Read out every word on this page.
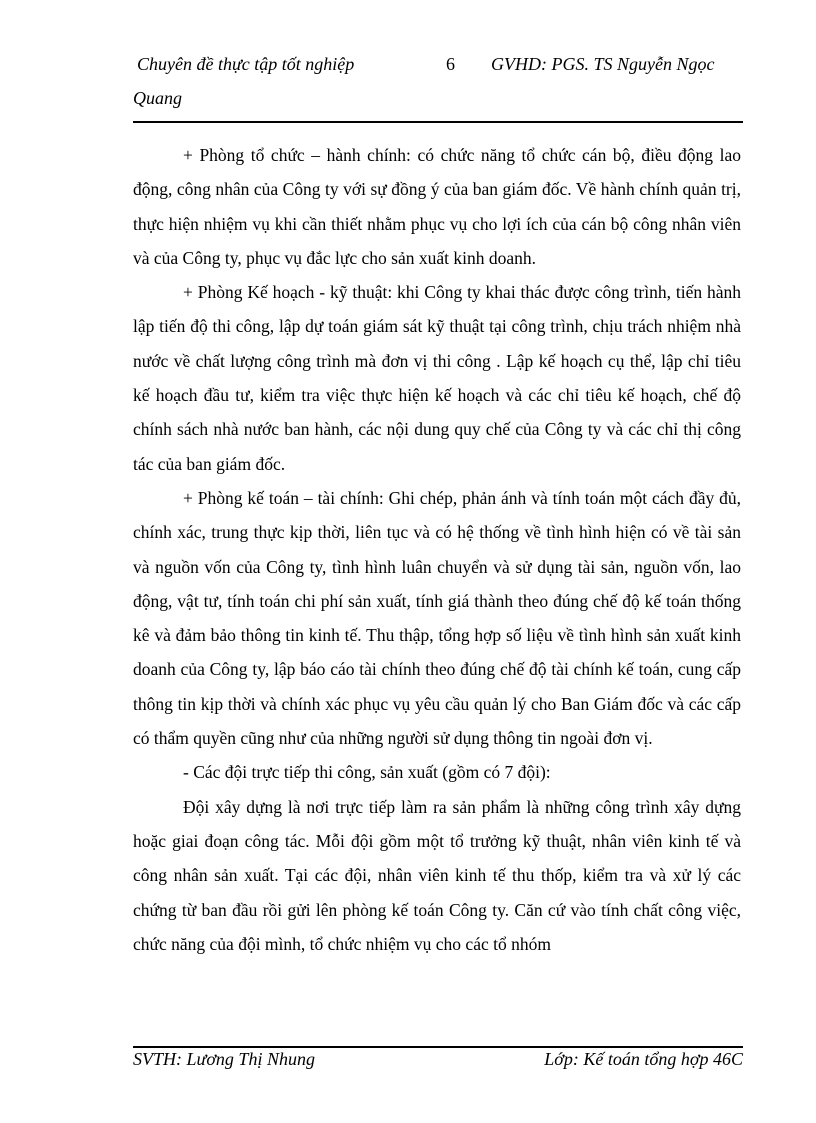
Chuyên đề thực tập tốt nghiệp	6 GVHD: PGS. TS Nguyễn Ngọc
Quang

+ Phòng tổ chức – hành chính: có chức năng tổ chức cán bộ, điều động lao động, công nhân của Công ty với sự đồng ý của ban giám đốc. Về hành chính quản trị, thực hiện nhiệm vụ khi cần thiết nhằm phục vụ cho lợi ích của cán bộ công nhân viên và của Công ty, phục vụ đắc lực cho sản xuất kinh doanh.

+ Phòng Kế hoạch - kỹ thuật: khi Công ty khai thác được công trình, tiến hành lập tiến độ thi công, lập dự toán giám sát kỹ thuật tại công trình, chịu trách nhiệm nhà nước về chất lượng công trình mà đơn vị thi công . Lập kế hoạch cụ thể, lập chỉ tiêu kế hoạch đầu tư, kiểm tra việc thực hiện kế hoạch và các chỉ tiêu kế hoạch, chế độ chính sách nhà nước ban hành, các nội dung quy chế của Công ty và các chỉ thị công tác của ban giám đốc.

+ Phòng kế toán – tài chính: Ghi chép, phản ánh và tính toán một cách đầy đủ, chính xác, trung thực kịp thời, liên tục và có hệ thống về tình hình hiện có về tài sản và nguồn vốn của Công ty, tình hình luân chuyển và sử dụng tài sản, nguồn vốn, lao động, vật tư, tính toán chi phí sản xuất, tính giá thành theo đúng chế độ kế toán thống kê và đảm bảo thông tin kinh tế. Thu thập, tổng hợp số liệu về tình hình sản xuất kinh doanh của Công ty, lập báo cáo tài chính theo đúng chế độ tài chính kế toán, cung cấp thông tin kịp thời và chính xác phục vụ yêu cầu quản lý cho Ban Giám đốc và các cấp có thẩm quyền cũng như của những người sử dụng thông tin ngoài đơn vị.

- Các đội trực tiếp thi công, sản xuất (gồm có 7 đội):

Đội xây dựng là nơi trực tiếp làm ra sản phẩm là những công trình xây dựng hoặc giai đoạn công tác. Mỗi đội gồm một tổ trưởng kỹ thuật, nhân viên kinh tế và công nhân sản xuất. Tại các đội, nhân viên kinh tế thu thốp, kiểm tra và xử lý các chứng từ ban đầu rồi gửi lên phòng kế toán Công ty. Căn cứ vào tính chất công việc, chức năng của đội mình, tổ chức nhiệm vụ cho các tổ nhóm

SVTH: Lương Thị Nhung	Lớp: Kế toán tổng hợp 46C
